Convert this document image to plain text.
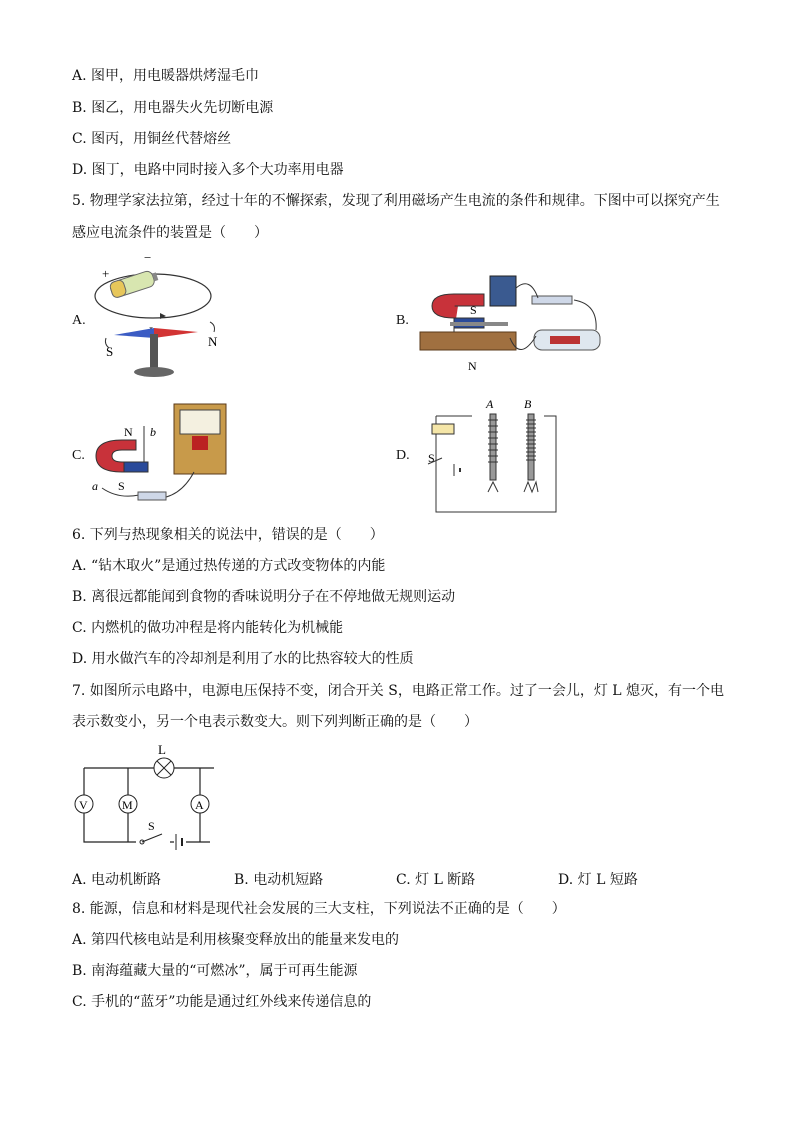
A. 图甲，用电暖器烘烤湿毛巾
B. 图乙，用电器失火先切断电源
C. 图丙，用铜丝代替熔丝
D. 图丁，电路中同时接入多个大功率用电器
5. 物理学家法拉第，经过十年的不懈探索，发现了利用磁场产生电流的条件和规律。下图中可以探究产生
感应电流条件的装置是（　　）
A.	B.
C.	D.
+
−
S
N
S
N
N
S
a
b
S
A	B
6. 下列与热现象相关的说法中，错误的是（　　）
A. “钻木取火”是通过热传递的方式改变物体的内能
B. 离很远都能闻到食物的香味说明分子在不停地做无规则运动
C. 内燃机的做功冲程是将内能转化为机械能
D. 用水做汽车的冷却剂是利用了水的比热容较大的性质
7. 如图所示电路中，电源电压保持不变，闭合开关 S，电路正常工作。过了一会儿，灯 L 熄灭，有一个电
表示数变小，另一个电表示数变大。则下列判断正确的是（　　）
L
V	M	A
S
A. 电动机断路	B. 电动机短路	C. 灯 L 断路	D. 灯 L 短路
8. 能源，信息和材料是现代社会发展的三大支柱，下列说法不正确的是（　　）
A. 第四代核电站是利用核聚变释放出的能量来发电的
B. 南海蕴藏大量的“可燃冰”，属于可再生能源
C. 手机的“蓝牙”功能是通过红外线来传递信息的
